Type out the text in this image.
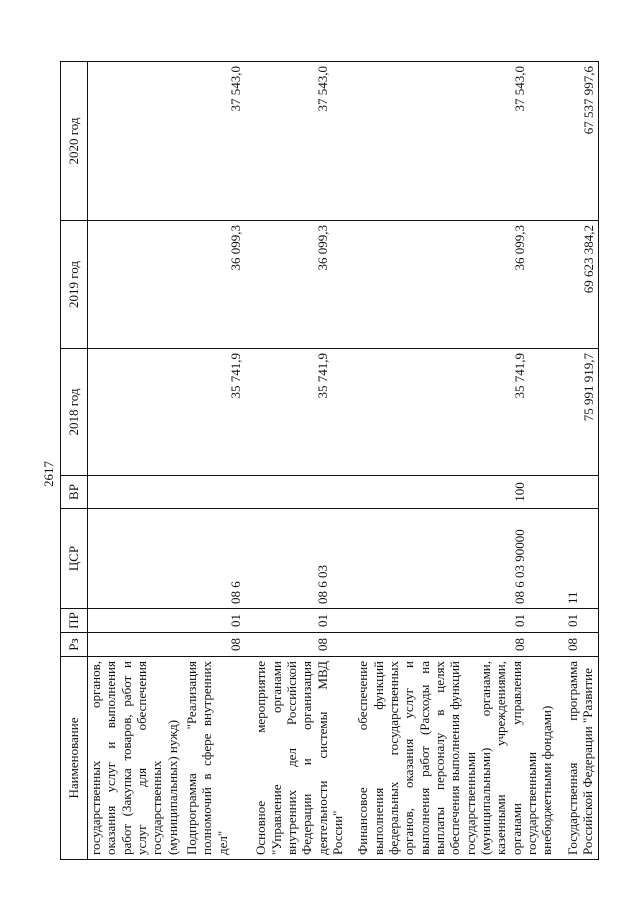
2617
Наименование	Рз	ПР	ЦСР	ВР	2018 год	2019 год	2020 год
государственных органов, оказания услуг и выполнения работ (Закупка товаров, работ и услуг для обеспечения государственных (муниципальных) нужд)							
Подпрограмма "Реализация полномочий в сфере внутренних дел"	08	01	08 6		35 741,9	36 099,3	37 543,0
Основное мероприятие "Управление органами внутренних дел Российской Федерации и организация деятельности системы МВД России"	08	01	08 6 03		35 741,9	36 099,3	37 543,0
Финансовое обеспечение выполнения функций федеральных государственных органов, оказания услуг и выполнения работ (Расходы на выплаты персоналу в целях обеспечения выполнения функций государственными (муниципальными) органами, казенными учреждениями, органами управления государственными внебюджетными фондами)	08	01	08 6 03 90000	100	35 741,9	36 099,3	37 543,0
Государственная программа Российской Федерации "Развитие	08	01	11		75 991 919,7	69 623 384,2	67 537 997,6
